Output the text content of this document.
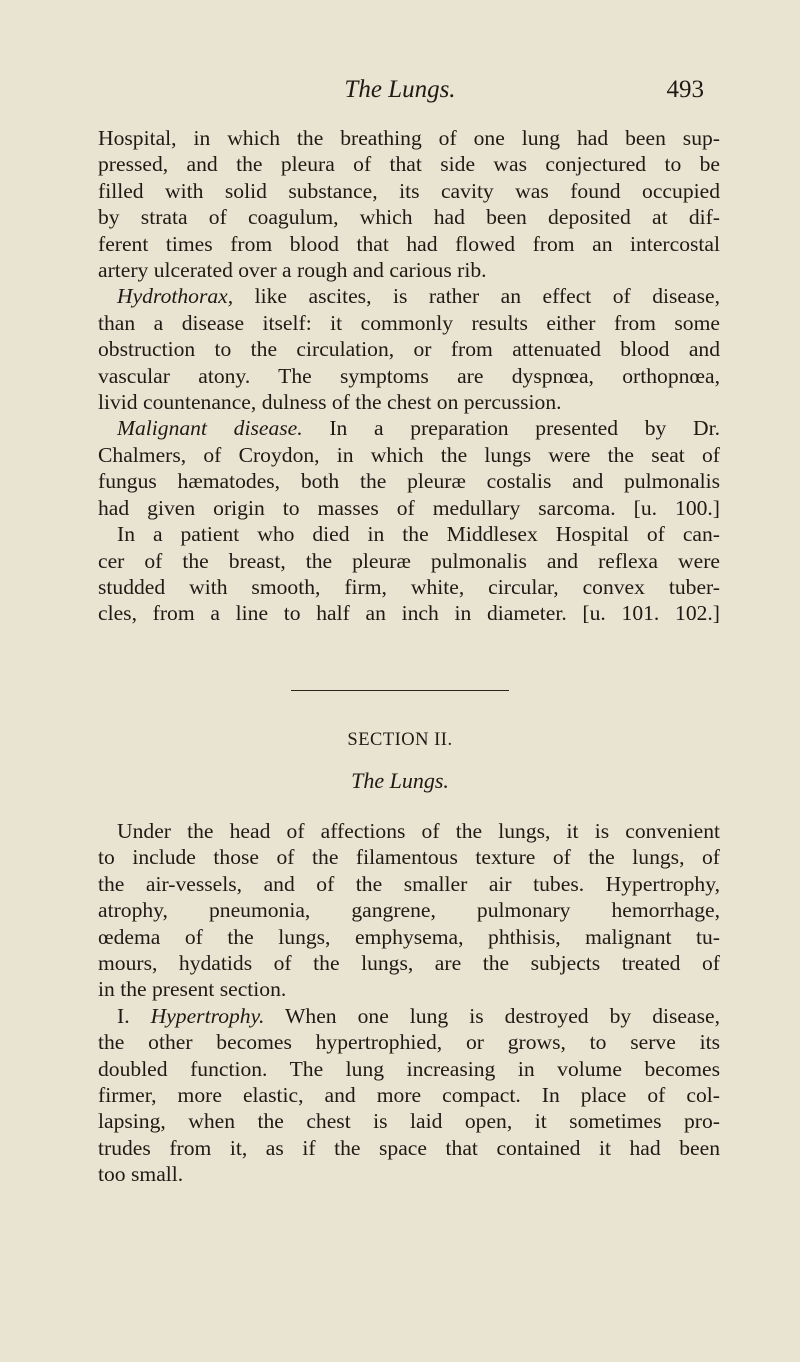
The Lungs.	493

Hospital, in which the breathing of one lung had been sup-
pressed, and the pleura of that side was conjectured to be
filled with solid substance, its cavity was found occupied
by strata of coagulum, which had been deposited at dif-
ferent times from blood that had flowed from an intercostal
artery ulcerated over a rough and carious rib.

Hydrothorax, like ascites, is rather an effect of disease,
than a disease itself: it commonly results either from some
obstruction to the circulation, or from attenuated blood and
vascular atony. The symptoms are dyspnœa, orthopnœa,
livid countenance, dulness of the chest on percussion.

Malignant disease. In a preparation presented by Dr.
Chalmers, of Croydon, in which the lungs were the seat of
fungus hæmatodes, both the pleuræ costalis and pulmonalis
had given origin to masses of medullary sarcoma. [u. 100.]

In a patient who died in the Middlesex Hospital of can-
cer of the breast, the pleuræ pulmonalis and reflexa were
studded with smooth, firm, white, circular, convex tuber-
cles, from a line to half an inch in diameter. [u. 101. 102.]

SECTION II.
The Lungs.

Under the head of affections of the lungs, it is convenient
to include those of the filamentous texture of the lungs, of
the air-vessels, and of the smaller air tubes. Hypertrophy,
atrophy, pneumonia, gangrene, pulmonary hemorrhage,
œdema of the lungs, emphysema, phthisis, malignant tu-
mours, hydatids of the lungs, are the subjects treated of
in the present section.

I. Hypertrophy. When one lung is destroyed by disease,
the other becomes hypertrophied, or grows, to serve its
doubled function. The lung increasing in volume becomes
firmer, more elastic, and more compact. In place of col-
lapsing, when the chest is laid open, it sometimes pro-
trudes from it, as if the space that contained it had been
too small.
